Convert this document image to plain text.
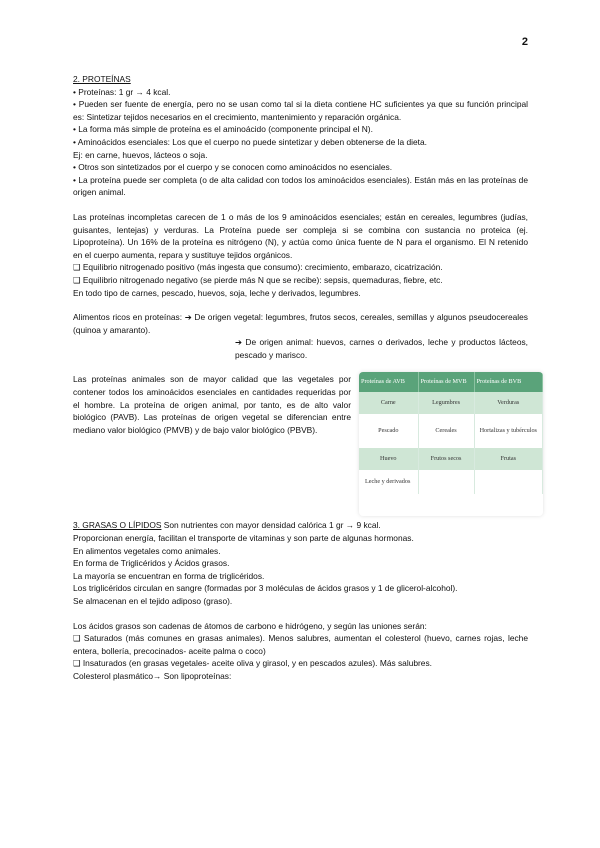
2

2. PROTEÍNAS

• Proteínas: 1 gr → 4 kcal.

• Pueden ser fuente de energía, pero no se usan como tal si la dieta contiene HC suficientes ya que su función principal es: Sintetizar tejidos necesarios en el crecimiento, mantenimiento y reparación orgánica.

• La forma más simple de proteína es el aminoácido (componente principal el N).

• Aminoácidos esenciales: Los que el cuerpo no puede sintetizar y deben obtenerse de la dieta.

Ej: en carne, huevos, lácteos o soja.

• Otros son sintetizados por el cuerpo y se conocen como aminoácidos no esenciales.

• La proteína puede ser completa (o de alta calidad con todos los aminoácidos esenciales). Están más en las proteínas de origen animal.

Las proteínas incompletas carecen de 1 o más de los 9 aminoácidos esenciales; están en cereales, legumbres (judías, guisantes, lentejas) y verduras. La Proteína puede ser compleja si se combina con sustancia no proteica (ej. Lipoproteína). Un 16% de la proteína es nitrógeno (N), y actúa como única fuente de N para el organismo. El N retenido en el cuerpo aumenta, repara y sustituye tejidos orgánicos.

❑ Equilibrio nitrogenado positivo (más ingesta que consumo): crecimiento, embarazo, cicatrización.

❑ Equilibrio nitrogenado negativo (se pierde más N que se recibe): sepsis, quemaduras, fiebre, etc.

En todo tipo de carnes, pescado, huevos, soja, leche y derivados, legumbres.

Alimentos ricos en proteínas: ➔ De origen vegetal: legumbres, frutos secos, cereales, semillas y algunos pseudocereales (quinoa y amaranto).

➔ De origen animal: huevos, carnes o derivados, leche y productos lácteos, pescado y marisco.

Las proteínas animales son de mayor calidad que las vegetales por contener todos los aminoácidos esenciales en cantidades requeridas por el hombre. La proteína de origen animal, por tanto, es de alto valor biológico (PAVB). Las proteínas de origen vegetal se diferencian entre mediano valor biológico (PMVB) y de bajo valor biológico (PBVB).

Proteínas de AVB	Proteínas de MVB	Proteínas de BVB
Carne	Legumbres	Verduras
Pescado	Cereales	Hortalizas y tubérculos
Huevo	Frutos secos	Frutas
Leche y derivados		

3. GRASAS O LÍPIDOS Son nutrientes con mayor densidad calórica 1 gr → 9 kcal.

Proporcionan energía, facilitan el transporte de vitaminas y son parte de algunas hormonas.

En alimentos vegetales como animales.

En forma de Triglicéridos y Ácidos grasos.

La mayoría se encuentran en forma de triglicéridos.

Los triglicéridos circulan en sangre (formadas por 3 moléculas de ácidos grasos y 1 de glicerol-alcohol).

Se almacenan en el tejido adiposo (graso).

Los ácidos grasos son cadenas de átomos de carbono e hidrógeno, y según las uniones serán:

❑ Saturados (más comunes en grasas animales). Menos salubres, aumentan el colesterol (huevo, carnes rojas, leche entera, bollería, precocinados- aceite palma o coco)

❑ Insaturados (en grasas vegetales- aceite oliva y girasol, y en pescados azules). Más salubres.

Colesterol plasmático→ Son lipoproteínas:
